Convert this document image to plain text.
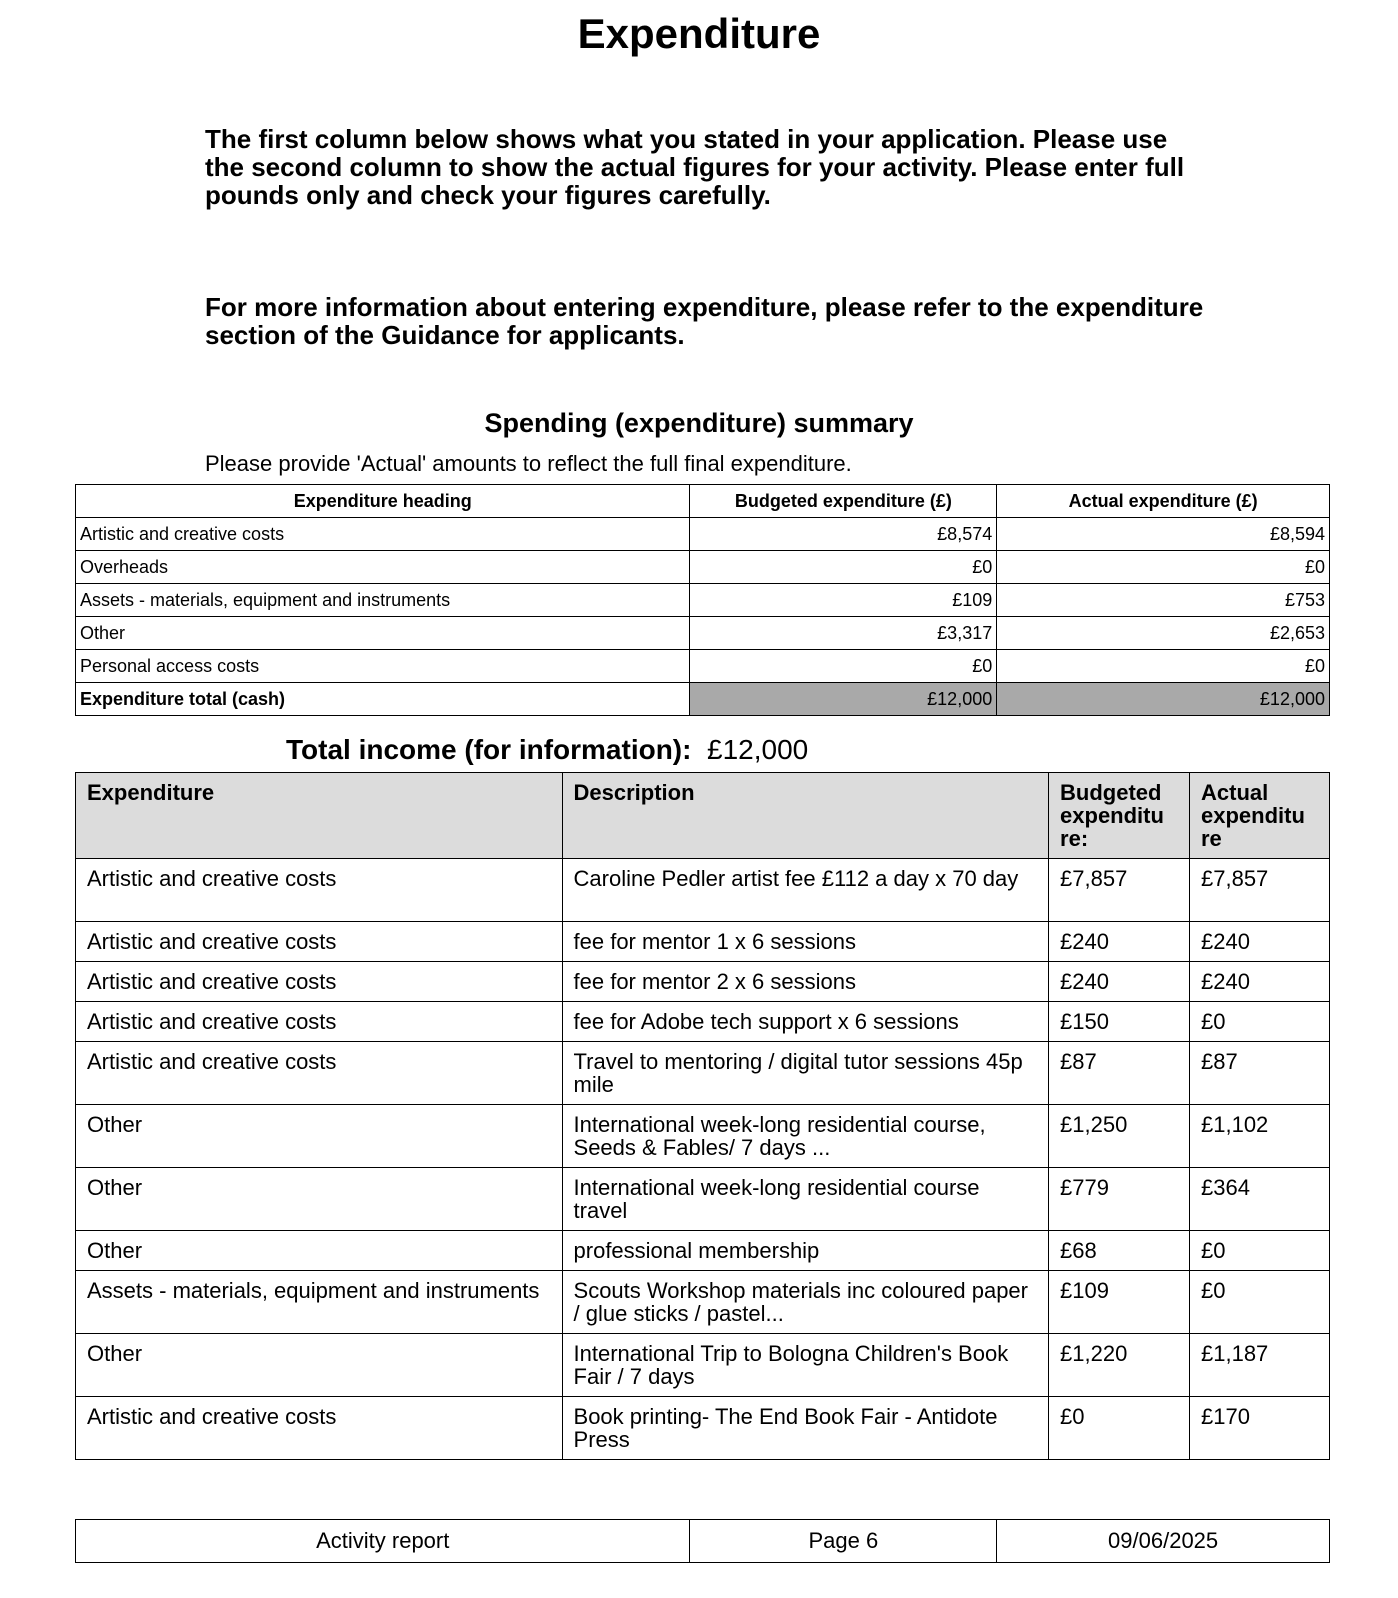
Expenditure
The first column below shows what you stated in your application. Please use the second column to show the actual figures for your activity. Please enter full pounds only and check your figures carefully.
For more information about entering expenditure, please refer to the expenditure section of the Guidance for applicants.
Spending (expenditure) summary
Please provide 'Actual' amounts to reflect the full final expenditure.
Expenditure heading	Budgeted expenditure (£)	Actual expenditure (£)
Artistic and creative costs	£8,574	£8,594
Overheads	£0	£0
Assets - materials, equipment and instruments	£109	£753
Other	£3,317	£2,653
Personal access costs	£0	£0
Expenditure total (cash)	£12,000	£12,000
Total income (for information): £12,000
Expenditure	Description	Budgeted expenditu re:	Actual expenditu re
Artistic and creative costs	Caroline Pedler artist fee £112 a day x 70 day	£7,857	£7,857
Artistic and creative costs	fee for mentor 1 x 6 sessions	£240	£240
Artistic and creative costs	fee for mentor 2 x 6 sessions	£240	£240
Artistic and creative costs	fee for Adobe tech support x 6 sessions	£150	£0
Artistic and creative costs	Travel to mentoring / digital tutor sessions 45p mile	£87	£87
Other	International week-long residential course, Seeds & Fables/ 7 days ...	£1,250	£1,102
Other	International week-long residential course travel	£779	£364
Other	professional membership	£68	£0
Assets - materials, equipment and instruments	Scouts Workshop materials inc coloured paper / glue sticks / pastel...	£109	£0
Other	International Trip to Bologna Children's Book Fair / 7 days	£1,220	£1,187
Artistic and creative costs	Book printing- The End Book Fair - Antidote Press	£0	£170
Activity report	Page 6	09/06/2025
